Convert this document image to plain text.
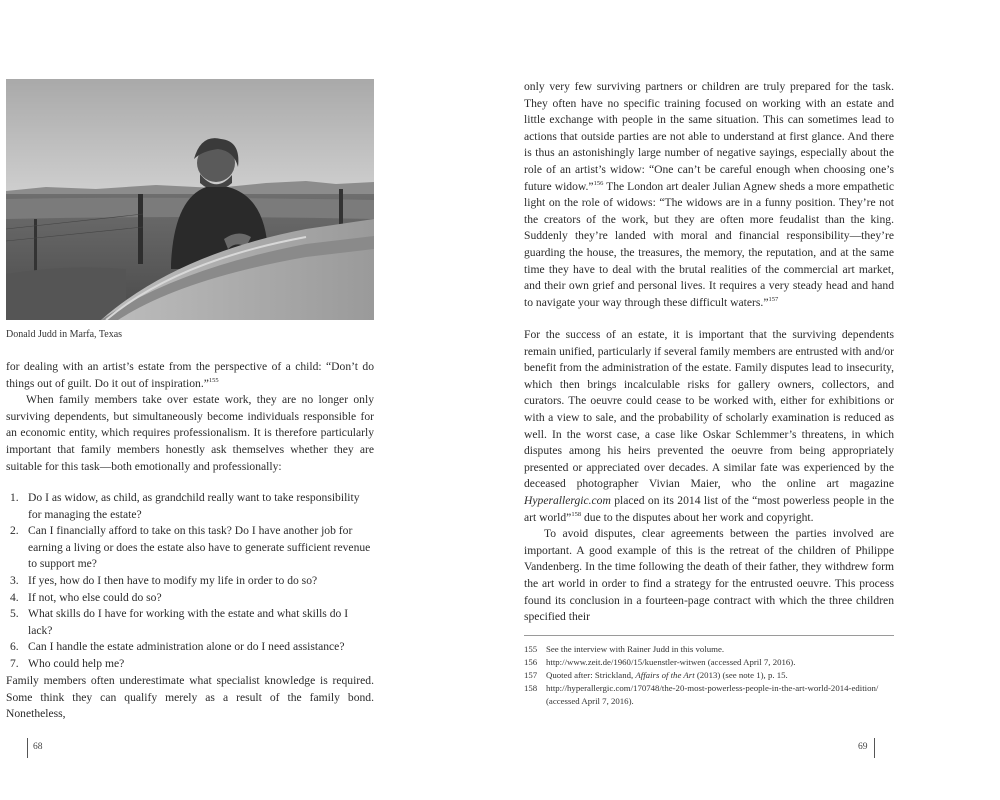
Donald Judd in Marfa, Texas

for dealing with an artist’s estate from the perspective of a child: “Don’t do things out of guilt. Do it out of inspiration.”$^{155}$

When family members take over estate work, they are no longer only surviving dependents, but simultaneously become individuals responsible for an economic entity, which requires professionalism. It is therefore particularly important that family members honestly ask themselves whether they are suitable for this task—both emotionally and professionally:

1. Do I as widow, as child, as grandchild really want to take responsibility for managing the estate?
2. Can I financially afford to take on this task? Do I have another job for earning a living or does the estate also have to generate sufficient revenue to support me?
3. If yes, how do I then have to modify my life in order to do so?
4. If not, who else could do so?
5. What skills do I have for working with the estate and what skills do I lack?
6. Can I handle the estate administration alone or do I need assistance?
7. Who could help me?

Family members often underestimate what specialist knowledge is required. Some think they can qualify merely as a result of the family bond. Nonetheless,

68

only very few surviving partners or children are truly prepared for the task. They often have no specific training focused on working with an estate and little exchange with people in the same situation. This can sometimes lead to actions that outside parties are not able to understand at first glance. And there is thus an astonishingly large number of negative sayings, especially about the role of an artist’s widow: “One can’t be careful enough when choosing one’s future widow.”$^{156}$ The London art dealer Julian Agnew sheds a more empathetic light on the role of widows: “The widows are in a funny position. They’re not the creators of the work, but they are often more feudalist than the king. Suddenly they’re landed with moral and financial responsibility—they’re guarding the house, the treasures, the memory, the reputation, and at the same time they have to deal with the brutal realities of the commercial art market, and their own grief and personal lives. It requires a very steady head and hand to navigate your way through these difficult waters.”$^{157}$

For the success of an estate, it is important that the surviving dependents remain unified, particularly if several family members are entrusted with and/or benefit from the administration of the estate. Family disputes lead to insecurity, which then brings incalculable risks for gallery owners, collectors, and curators. The oeuvre could cease to be worked with, either for exhibitions or with a view to sale, and the probability of scholarly examination is reduced as well. In the worst case, a case like Oskar Schlemmer’s threatens, in which disputes among his heirs prevented the oeuvre from being appropriately presented or appreciated over decades. A similar fate was experienced by the deceased photographer Vivian Maier, who the online art magazine Hyperallergic.com placed on its 2014 list of the “most powerless people in the art world”$^{158}$ due to the disputes about her work and copyright.

To avoid disputes, clear agreements between the parties involved are important. A good example of this is the retreat of the children of Philippe Vandenberg. In the time following the death of their father, they withdrew form the art world in order to find a strategy for the entrusted oeuvre. This process found its conclusion in a fourteen-page contract with which the three children specified their

155 See the interview with Rainer Judd in this volume.
156 http://www.zeit.de/1960/15/kuenstler-witwen (accessed April 7, 2016).
157 Quoted after: Strickland, Affairs of the Art (2013) (see note 1), p. 15.
158 http://hyperallergic.com/170748/the-20-most-powerless-people-in-the-art-world-2014-edition/ (accessed April 7, 2016).
69
